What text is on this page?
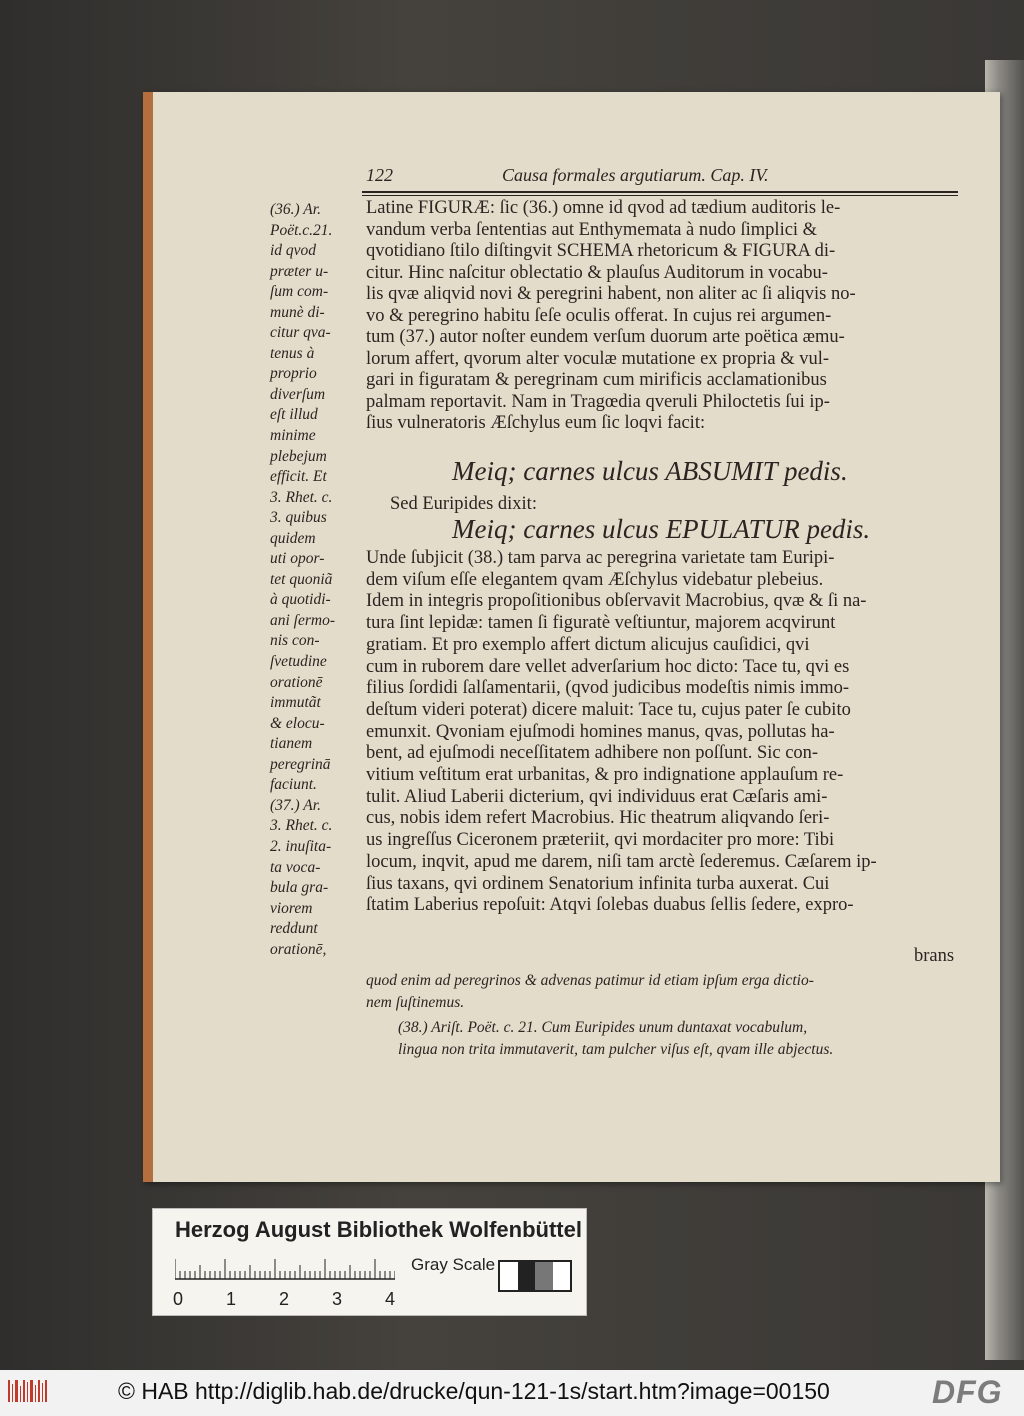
122	Causa formales argutiarum. Cap. IV.
(36.) Ar.
Poët.c.21.
id qvod
præter u-
ſum com-
munè di-
citur qva-
tenus à
proprio
diverſum
eſt illud
minime
plebejum
efficit. Et
3. Rhet. c.
3. quibus
quidem
uti opor-
tet quoniã
à quotidi-
ani ſermo-
nis con-
ſvetudine
orationē
immutãt
& elocu-
tianem
peregrinā
faciunt.
(37.) Ar.
3. Rhet. c.
2. inuſita-
ta voca-
bula gra-
viorem
reddunt
orationē,
Latine FIGURÆ: ſic (36.) omne id qvod ad tædium auditoris le-
vandum verba ſententias aut Enthymemata à nudo ſimplici &
qvotidiano ſtilo diſtingvit SCHEMA rhetoricum & FIGURA di-
citur. Hinc naſcitur oblectatio & plauſus Auditorum in vocabu-
lis qvæ aliqvid novi & peregrini habent, non aliter ac ſi aliqvis no-
vo & peregrino habitu ſeſe oculis offerat. In cujus rei argumen-
tum (37.) autor noſter eundem verſum duorum arte poëtica æmu-
lorum affert, qvorum alter voculæ mutatione ex propria & vul-
gari in figuratam & peregrinam cum mirificis acclamationibus
palmam reportavit. Nam in Tragœdia qveruli Philoctetis ſui ip-
ſius vulneratoris Æſchylus eum ſic loqvi facit:
Meiq; carnes ulcus ABSUMIT pedis.
Sed Euripides dixit:
Meiq; carnes ulcus EPULATUR pedis.
Unde ſubjicit (38.) tam parva ac peregrina varietate tam Euripi-
dem viſum eſſe elegantem qvam Æſchylus videbatur plebeius.
Idem in integris propoſitionibus obſervavit Macrobius, qvæ & ſi na-
tura ſint lepidæ: tamen ſi figuratè veſtiuntur, majorem acqvirunt
gratiam. Et pro exemplo affert dictum alicujus cauſidici, qvi
cum in ruborem dare vellet adverſarium hoc dicto: Tace tu, qvi es
filius ſordidi ſalſamentarii, (qvod judicibus modeſtis nimis immo-
deſtum videri poterat) dicere maluit: Tace tu, cujus pater ſe cubito
emunxit. Qvoniam ejuſmodi homines manus, qvas, pollutas ha-
bent, ad ejuſmodi neceſſitatem adhibere non poſſunt. Sic con-
vitium veſtitum erat urbanitas, & pro indignatione applauſum re-
tulit. Aliud Laberii dicterium, qvi individuus erat Cæſaris ami-
cus, nobis idem refert Macrobius. Hic theatrum aliqvando ſeri-
us ingreſſus Ciceronem præteriit, qvi mordaciter pro more: Tibi
locum, inqvit, apud me darem, niſi tam arctè ſederemus. Cæſarem ip-
ſius taxans, qvi ordinem Senatorium infinita turba auxerat. Cui
ſtatim Laberius repoſuit: Atqvi ſolebas duabus ſellis ſedere, expro-
brans
quod enim ad peregrinos & advenas patimur id etiam ipſum erga dictio-
nem ſuſtinemus.
(38.) Ariſt. Poët. c. 21. Cum Euripides unum duntaxat vocabulum,
lingua non trita immutaverit, tam pulcher viſus eſt, qvam ille abjectus.
Herzog August Bibliothek Wolfenbüttel
Gray Scale
0 1 2 3 4
© HAB http://diglib.hab.de/drucke/qun-121-1s/start.htm?image=00150	DFG
